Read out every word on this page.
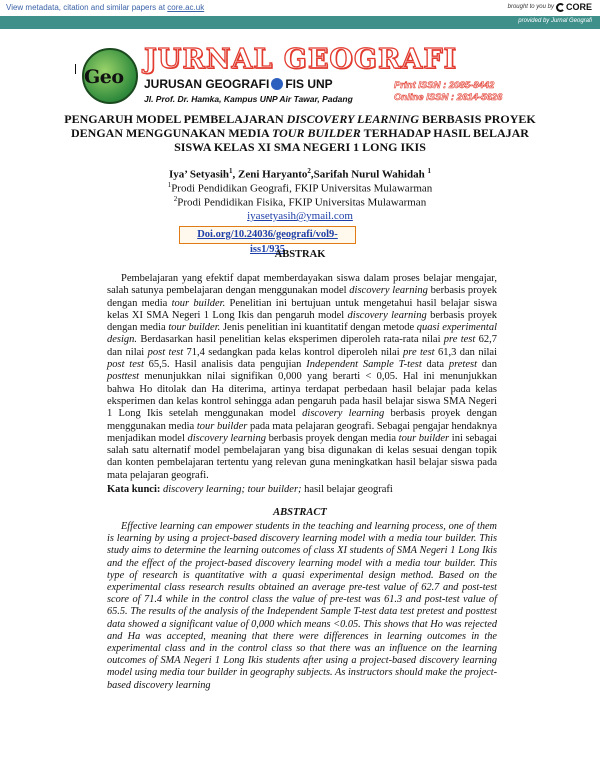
View metadata, citation and similar papers at core.ac.uk	brought to you by CORE
provided by Jurnal Geografi
Geo
JURNAL GEOGRAFI
JURUSAN GEOGRAFI FIS UNP
Jl. Prof. Dr. Hamka, Kampus UNP Air Tawar, Padang
Print ISSN : 2085-8442
Online ISSN : 2614-5626
PENGARUH MODEL PEMBELAJARAN DISCOVERY LEARNING BERBASIS PROYEK DENGAN MENGGUNAKAN MEDIA TOUR BUILDER TERHADAP HASIL BELAJAR SISWA KELAS XI SMA NEGERI 1 LONG IKIS
Iya’ Setyasih$^1$, Zeni Haryanto$^2$,Sarifah Nurul Wahidah $^1$
$^1$Prodi Pendidikan Geografi, FKIP Universitas Mulawarman
$^2$Prodi Pendidikan Fisika, FKIP Universitas Mulawarman
iyasetyasih@ymail.com
Doi.org/10.24036/geografi/vol9-iss1/935
ABSTRAK

Pembelajaran yang efektif dapat memberdayakan siswa dalam proses belajar mengajar, salah satunya pembelajaran dengan menggunakan model discovery learning berbasis proyek dengan media tour builder. Penelitian ini bertujuan untuk mengetahui hasil belajar siswa kelas XI SMA Negeri 1 Long Ikis dan pengaruh model discovery learning berbasis proyek dengan media tour builder. Jenis penelitian ini kuantitatif dengan metode quasi experimental design. Berdasarkan hasil penelitian kelas eksperimen diperoleh rata-rata nilai pre test 62,7 dan nilai post test 71,4 sedangkan pada kelas kontrol diperoleh nilai pre test 61,3 dan nilai post test 65,5. Hasil analisis data pengujian Independent Sample T-test data pretest dan posttest menunjukkan nilai signifikan 0,000 yang berarti < 0,05. Hal ini menunjukkan bahwa Ho ditolak dan Ha diterima, artinya terdapat perbedaan hasil belajar pada kelas eksperimen dan kelas kontrol sehingga adan pengaruh pada hasil belajar siswa SMA Negeri 1 Long Ikis setelah menggunakan model discovery learning berbasis proyek dengan menggunakan media tour builder pada mata pelajaran geografi. Sebagai pengajar hendaknya menjadikan model discovery learning berbasis proyek dengan media tour builder ini sebagai salah satu alternatif model pembelajaran yang bisa digunakan di kelas sesuai dengan topik dan konten pembelajaran tertentu yang relevan guna meningkatkan hasil belajar siswa pada mata pelajaran geografi.

Kata kunci: discovery learning; tour builder; hasil belajar geografi

ABSTRACT

Effective learning can empower students in the teaching and learning process, one of them is learning by using a project-based discovery learning model with a media tour builder. This study aims to determine the learning outcomes of class XI students of SMA Negeri 1 Long Ikis and the effect of the project-based discovery learning model with a media tour builder. This type of research is quantitative with a quasi experimental design method. Based on the experimental class research results obtained an average pre-test value of 62.7 and post-test score of 71.4 while in the control class the value of pre-test was 61.3 and post-test value of 65.5. The results of the analysis of the Independent Sample T-test data test pretest and posttest data showed a significant value of 0,000 which means <0.05. This shows that Ho was rejected and Ha was accepted, meaning that there were differences in learning outcomes in the experimental class and in the control class so that there was an influence on the learning outcomes of SMA Negeri 1 Long Ikis students after using a project-based discovery learning model using media tour builder in geography subjects. As instructors should make the project-based discovery learning
